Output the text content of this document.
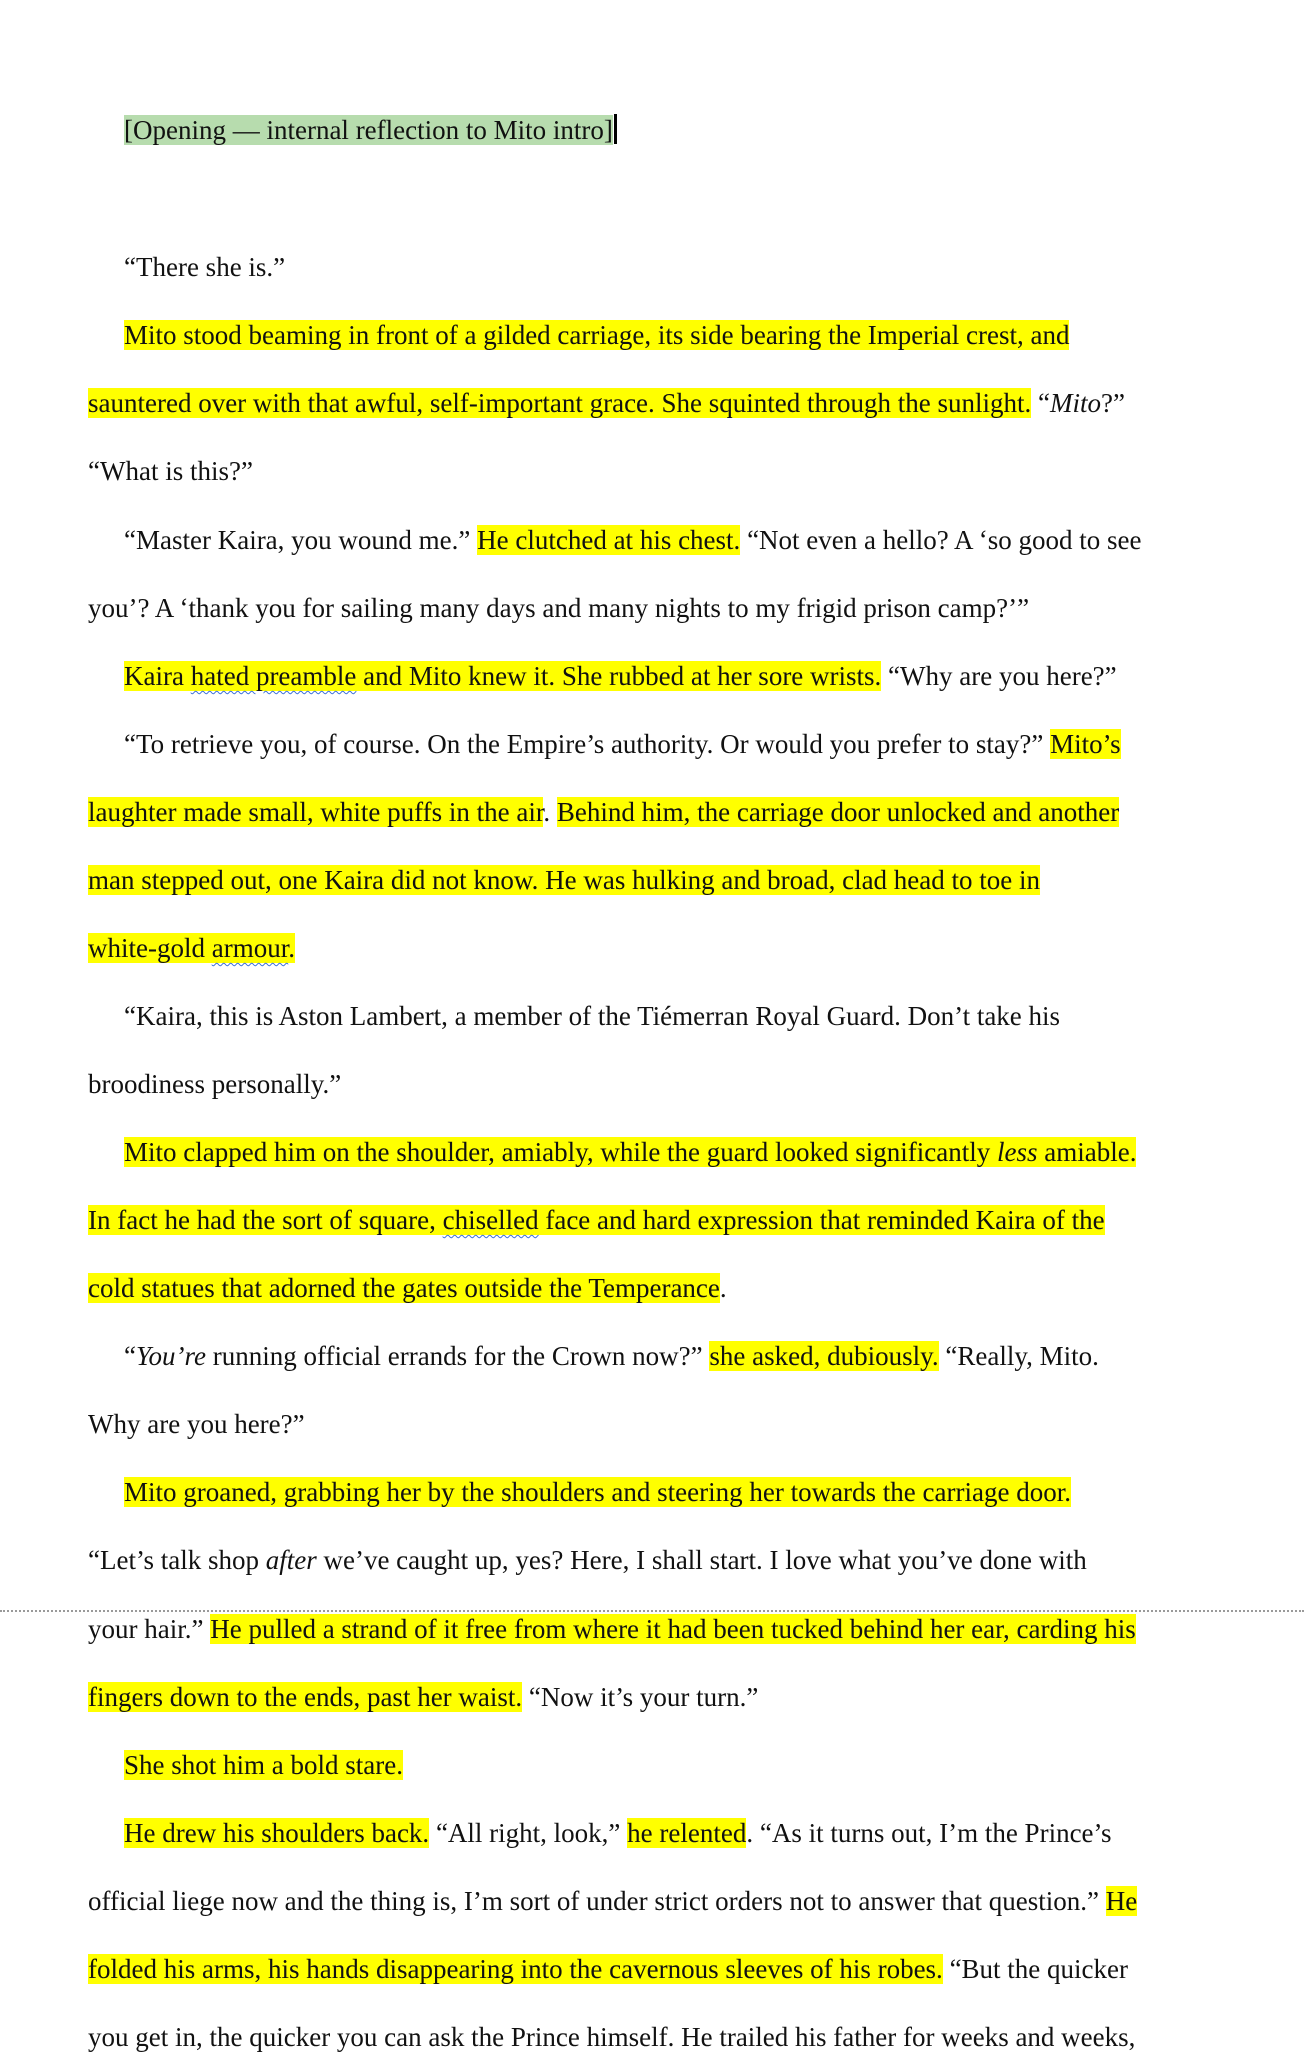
[Opening — internal reflection to Mito intro]
“There she is.”
Mito stood beaming in front of a gilded carriage, its side bearing the Imperial crest, and
sauntered over with that awful, self-important grace. She squinted through the sunlight. “Mito?”
“What is this?”
“Master Kaira, you wound me.” He clutched at his chest. “Not even a hello? A ‘so good to see
you’? A ‘thank you for sailing many days and many nights to my frigid prison camp?’”
Kaira hated preamble and Mito knew it. She rubbed at her sore wrists. “Why are you here?”
“To retrieve you, of course. On the Empire’s authority. Or would you prefer to stay?” Mito’s
laughter made small, white puffs in the air. Behind him, the carriage door unlocked and another
man stepped out, one Kaira did not know. He was hulking and broad, clad head to toe in
white-gold armour.
“Kaira, this is Aston Lambert, a member of the Tiémerran Royal Guard. Don’t take his
broodiness personally.”
Mito clapped him on the shoulder, amiably, while the guard looked significantly less amiable.
In fact he had the sort of square, chiselled face and hard expression that reminded Kaira of the
cold statues that adorned the gates outside the Temperance.
“You’re running official errands for the Crown now?” she asked, dubiously. “Really, Mito.
Why are you here?”
Mito groaned, grabbing her by the shoulders and steering her towards the carriage door.
“Let’s talk shop after we’ve caught up, yes? Here, I shall start. I love what you’ve done with
your hair.” He pulled a strand of it free from where it had been tucked behind her ear, carding his
fingers down to the ends, past her waist. “Now it’s your turn.”
She shot him a bold stare.
He drew his shoulders back. “All right, look,” he relented. “As it turns out, I’m the Prince’s
official liege now and the thing is, I’m sort of under strict orders not to answer that question.” He
folded his arms, his hands disappearing into the cavernous sleeves of his robes. “But the quicker
you get in, the quicker you can ask the Prince himself. He trailed his father for weeks and weeks,
